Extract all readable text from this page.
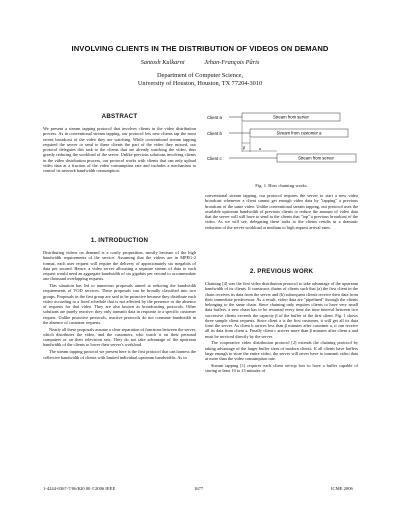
INVOLVING CLIENTS IN THE DISTRIBUTION OF VIDEOS ON DEMAND
Santosh Kulkarni	Jehan-François Pâris
Department of Computer Science,
University of Houston, Houston, TX 77204-3010
ABSTRACT

We present a stream tapping protocol that involves clients in the video distribution process. As in conventional stream tapping, our protocol lets new clients tap the most recent broadcast of the video they are watching. While conventional stream tapping required the server to send to these clients the part of the video they missed, our protocol delegates this task to the clients that are already watching the video, thus greatly reducing the workload of the server. Unlike previous solutions involving clients in the video distribution process, our protocol works with clients that can only upload video data at a fraction of the video consumption rate and includes a mechanism to control its network bandwidth consumption.

1. INTRODUCTION

Distributing videos on demand is a costly proposition, mostly because of the high bandwidth requirements of the service. Assuming that the videos are in MPEG-2 format, each user request will require the delivery of approximately six megabits of data per second. Hence, a video server allocating a separate stream of data to each request would need an aggregate bandwidth of six gigabits per second to accommodate one thousand overlapping requests.

This situation has led to numerous proposals aimed at reducing the bandwidth requirements of VOD services. These proposals can be broadly classified into two groups. Proposals in the first group are said to be proactive because they distribute each video according to a fixed schedule that is not affected by the presence or the absence of requests for that video. They are also known as broadcasting protocols. Other solutions are purely reactive: they only transmit data in response to a specific customer request. Unlike proactive protocols, reactive protocols do not consume bandwidth in the absence of customer requests.

Nearly all these proposals assume a clear separation of functions between the server, which distributes the video, and the customers, who watch it on their personal computers or on their television sets. They do not take advantage of the upstream bandwidth of the clients to lower their server's workload.

The stream tapping protocol we present here is the first protocol that can harness the collective bandwidth of clients with limited individual upstream bandwidths. As in

Client a
Client b
Client c
Stream from server
Stream from customer a
Stream from server
β	α
Fig. 1. How chaining works.

conventional stream tapping, our protocol requires the server to start a new video broadcast whenever a client cannot get enough video data by "tapping" a previous broadcast of the same video. Unlike conventional stream tapping, our protocol uses the available upstream bandwidth of previous clients to reduce the amount of video data that the server will still have to send to the clients that "tap" a previous broadcast of the video. As we will see, delegating these tasks to the clients results in a dramatic reduction of the server workload at medium to high request arrival rates.

2. PREVIOUS WORK

Chaining [4] was the first video distribution protocol to take advantage of the upstream bandwidth of its clients. It constructs chains of clients such that (a) the first client in the chain receives its data from the server and (b) subsequent clients receive their data from their immediate predecessor. As a result, video data are "pipelined" through the clients belonging to the same chain. Since chaining only requires clients to have very small data buffers, a new chain has to be restarted every time the time interval between two successive clients exceeds the capacity β of the buffer of the first client. Fig. 1 shows three sample client requests. Since client a is the first customer, it will get all its data from the server. As client b arrives less than β minutes after customer a, it can receive all its data from client a. Finally client c arrives more than β minutes after client a and must be serviced directly by the server.

The cooperative video distribution protocol [2] extends the chaining protocol by taking advantage of the larger buffer sizes of modern clients. If all clients have buffers large enough to store the entire video, the server will never have to transmit video data at more than the video consumption rate.

Stream tapping [1] requires each client set-top box to have a buffer capable of storing at least 10 to 15 minutes of

1-4244-0367-7/06/$20.00 ©2006 IEEE	1677	ICME 2006
